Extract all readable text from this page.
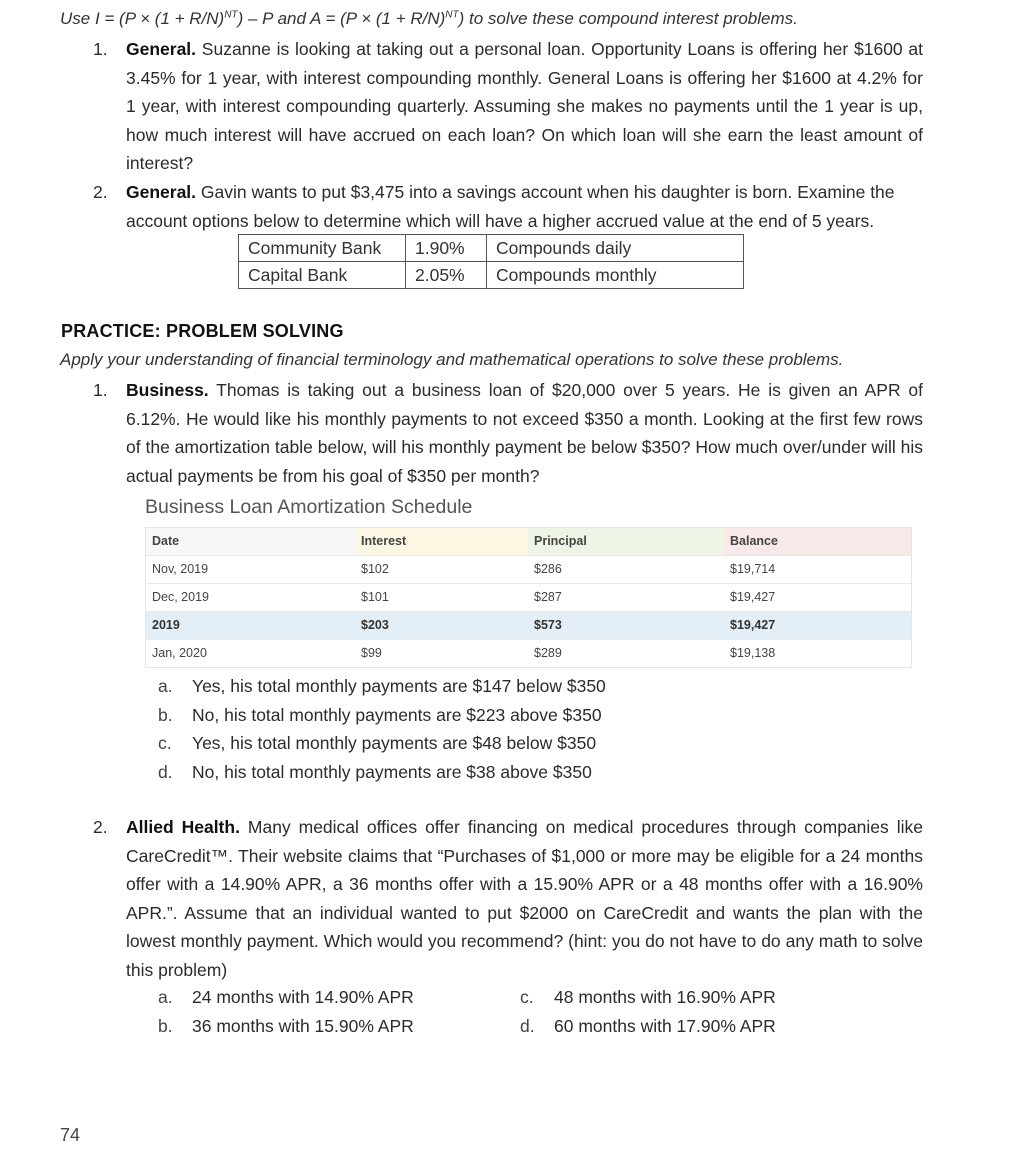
Use $I = (P \times (1 + R/N)^{NT}) - P$ and $A = (P \times (1 + R/N)^{NT})$ to solve these compound interest problems.
1. General. Suzanne is looking at taking out a personal loan. Opportunity Loans is offering her $1600 at 3.45% for 1 year, with interest compounding monthly. General Loans is offering her $1600 at 4.2% for 1 year, with interest compounding quarterly. Assuming she makes no payments until the 1 year is up, how much interest will have accrued on each loan? On which loan will she earn the least amount of interest?
2. General. Gavin wants to put $3,475 into a savings account when his daughter is born. Examine the account options below to determine which will have a higher accrued value at the end of 5 years.
Community Bank	1.90%	Compounds daily
Capital Bank	2.05%	Compounds monthly
PRACTICE: PROBLEM SOLVING
Apply your understanding of financial terminology and mathematical operations to solve these problems.
1. Business. Thomas is taking out a business loan of $20,000 over 5 years. He is given an APR of 6.12%. He would like his monthly payments to not exceed $350 a month. Looking at the first few rows of the amortization table below, will his monthly payment be below $350? How much over/under will his actual payments be from his goal of $350 per month?
Business Loan Amortization Schedule
Date	Interest	Principal	Balance
Nov, 2019	$102	$286	$19,714
Dec, 2019	$101	$287	$19,427
2019	$203	$573	$19,427
Jan, 2020	$99	$289	$19,138
a. Yes, his total monthly payments are $147 below $350
b. No, his total monthly payments are $223 above $350
c. Yes, his total monthly payments are $48 below $350
d. No, his total monthly payments are $38 above $350
2. Allied Health. Many medical offices offer financing on medical procedures through companies like CareCredit™. Their website claims that “Purchases of $1,000 or more may be eligible for a 24 months offer with a 14.90% APR, a 36 months offer with a 15.90% APR or a 48 months offer with a 16.90% APR.”. Assume that an individual wanted to put $2000 on CareCredit and wants the plan with the lowest monthly payment. Which would you recommend? (hint: you do not have to do any math to solve this problem)
a. 24 months with 14.90% APR
b. 36 months with 15.90% APR
c. 48 months with 16.90% APR
d. 60 months with 17.90% APR
74
